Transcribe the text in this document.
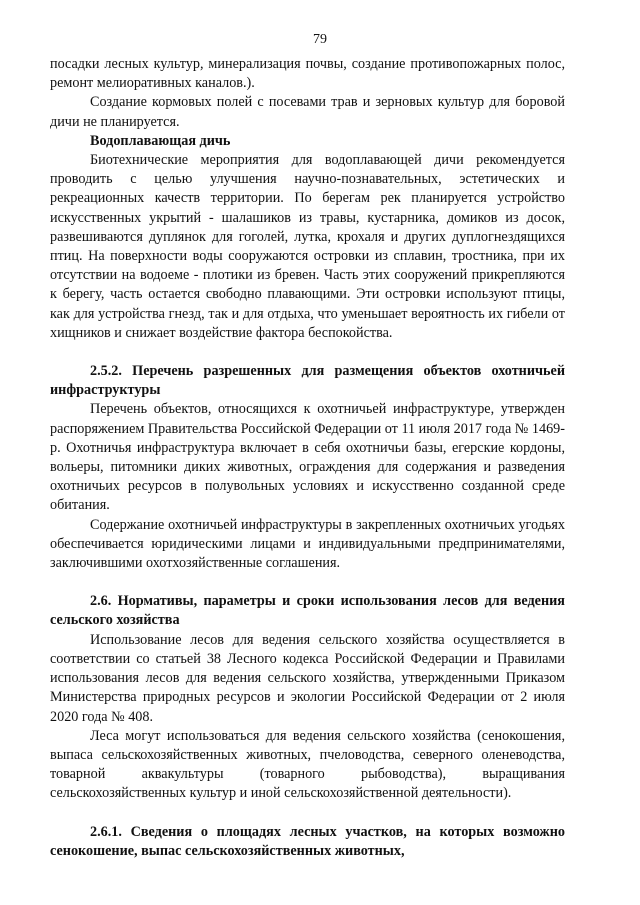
79

посадки лесных культур, минерализация почвы, создание противопожарных полос, ремонт мелиоративных каналов.).

Создание кормовых полей с посевами трав и зерновых культур для боровой дичи не планируется.

Водоплавающая дичь

Биотехнические мероприятия для водоплавающей дичи рекомендуется проводить с целью улучшения научно-познавательных, эстетических и рекреационных качеств территории. По берегам рек планируется устройство искусственных укрытий - шалашиков из травы, кустарника, домиков из досок, развешиваются дуплянок для гоголей, лутка, крохаля и других дуплогнездящихся птиц. На поверхности воды сооружаются островки из сплавин, тростника, при их отсутствии на водоеме - плотики из бревен. Часть этих сооружений прикрепляются к берегу, часть остается свободно плавающими. Эти островки используют птицы, как для устройства гнезд, так и для отдыха, что уменьшает вероятность их гибели от хищников и снижает воздействие фактора беспокойства.

2.5.2. Перечень разрешенных для размещения объектов охотничьей инфраструктуры

Перечень объектов, относящихся к охотничьей инфраструктуре, утвержден распоряжением Правительства Российской Федерации от 11 июля 2017 года № 1469-р. Охотничья инфраструктура включает в себя охотничьи базы, егерские кордоны, вольеры, питомники диких животных, ограждения для содержания и разведения охотничьих ресурсов в полувольных условиях и искусственно созданной среде обитания.

Содержание охотничьей инфраструктуры в закрепленных охотничьих угодьях обеспечивается юридическими лицами и индивидуальными предпринимателями, заключившими охотхозяйственные соглашения.

2.6. Нормативы, параметры и сроки использования лесов для ведения сельского хозяйства

Использование лесов для ведения сельского хозяйства осуществляется в соответствии со статьей 38 Лесного кодекса Российской Федерации и Правилами использования лесов для ведения сельского хозяйства, утвержденными Приказом Министерства природных ресурсов и экологии Российской Федерации от 2 июля 2020 года № 408.

Леса могут использоваться для ведения сельского хозяйства (сенокошения, выпаса сельскохозяйственных животных, пчеловодства, северного оленеводства, товарной аквакультуры (товарного рыбоводства), выращивания сельскохозяйственных культур и иной сельскохозяйственной деятельности).

2.6.1. Сведения о площадях лесных участков, на которых возможно сенокошение, выпас сельскохозяйственных животных,
